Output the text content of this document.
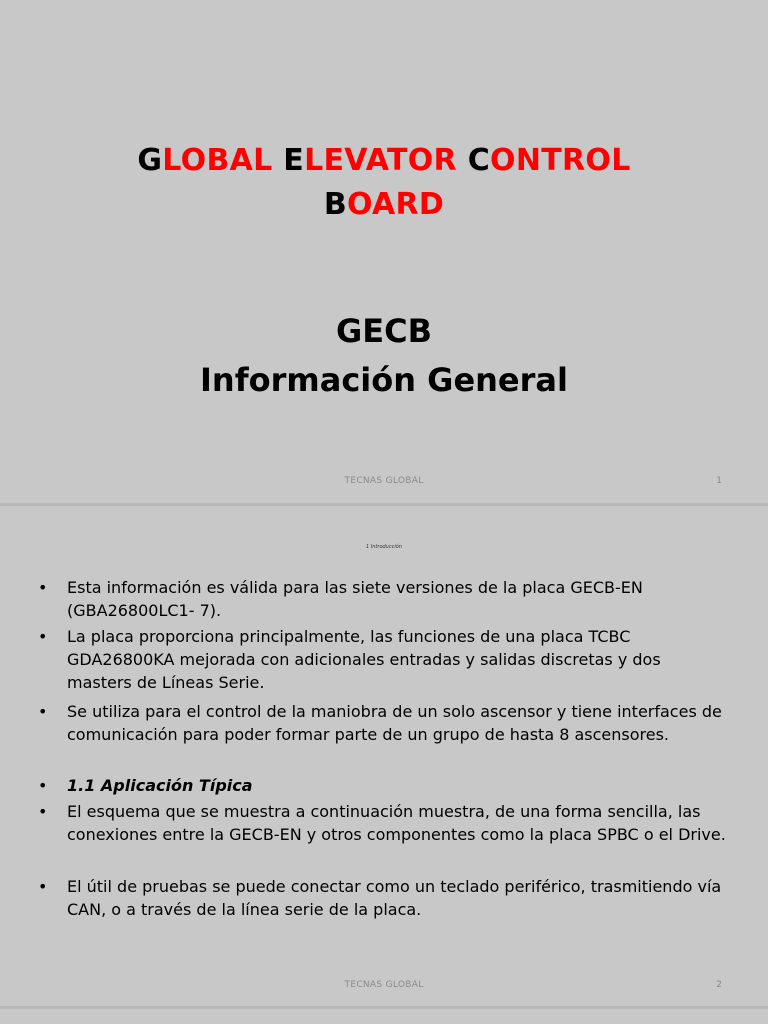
GLOBAL ELEVATOR CONTROL
BOARD
GECB
Información General
TECNAS GLOBAL	1
1 Introducción
• Esta información es válida para las siete versiones de la placa GECB-EN (GBA26800LC1- 7).
• La placa proporciona principalmente, las funciones de una placa TCBC GDA26800KA mejorada con adicionales entradas y salidas discretas y dos masters de Líneas Serie.
• Se utiliza para el control de la maniobra de un solo ascensor y tiene interfaces de comunicación para poder formar parte de un grupo de hasta 8 ascensores.
• 1.1 Aplicación Típica
• El esquema que se muestra a continuación muestra, de una forma sencilla, las conexiones entre la GECB-EN y otros componentes como la placa SPBC o el Drive.
• El útil de pruebas se puede conectar como un teclado periférico, trasmitiendo vía CAN, o a través de la línea serie de la placa.
TECNAS GLOBAL	2
